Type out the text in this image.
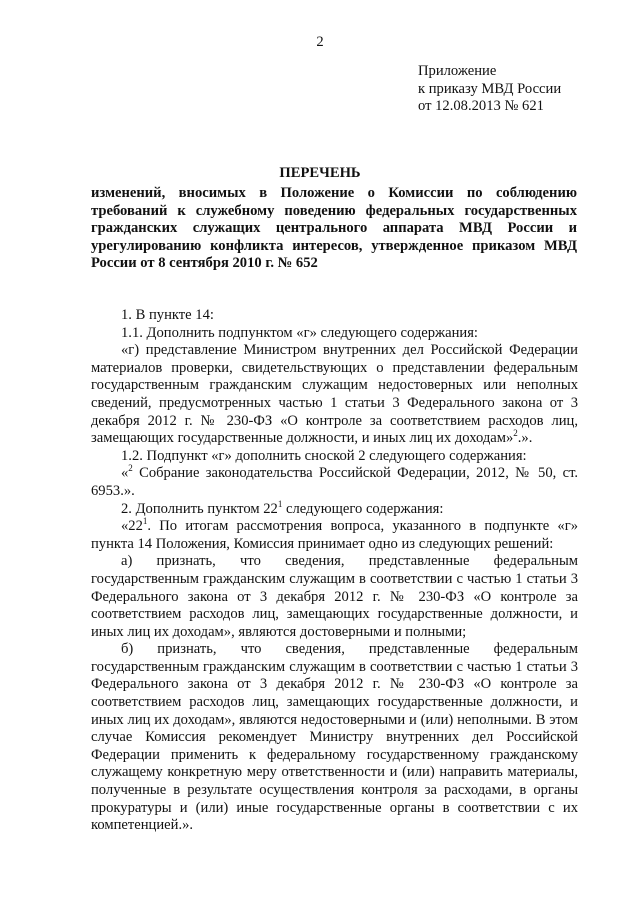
2
Приложение
к приказу МВД России
от 12.08.2013 № 621
ПЕРЕЧЕНЬ
изменений, вносимых в Положение о Комиссии по соблюдению требований к служебному поведению федеральных государственных гражданских служащих центрального аппарата МВД России и урегулированию конфликта интересов, утвержденное приказом МВД России от 8 сентября 2010 г. № 652

1. В пункте 14:

1.1. Дополнить подпунктом «г» следующего содержания:

«г) представление Министром внутренних дел Российской Федерации материалов проверки, свидетельствующих о представлении федеральным государственным гражданским служащим недостоверных или неполных сведений, предусмотренных частью 1 статьи 3 Федерального закона от 3 декабря 2012 г. № 230-ФЗ «О контроле за соответствием расходов лиц, замещающих государственные должности, и иных лиц их доходам»$^2$.».

1.2. Подпункт «г» дополнить сноской 2 следующего содержания:

«$^2$ Собрание законодательства Российской Федерации, 2012, № 50, ст. 6953.».

2. Дополнить пунктом $22^1$ следующего содержания:

«$22^1$. По итогам рассмотрения вопроса, указанного в подпункте «г» пункта 14 Положения, Комиссия принимает одно из следующих решений:

а) признать, что сведения, представленные федеральным государственным гражданским служащим в соответствии с частью 1 статьи 3 Федерального закона от 3 декабря 2012 г. № 230-ФЗ «О контроле за соответствием расходов лиц, замещающих государственные должности, и иных лиц их доходам», являются достоверными и полными;

б) признать, что сведения, представленные федеральным государственным гражданским служащим в соответствии с частью 1 статьи 3 Федерального закона от 3 декабря 2012 г. № 230-ФЗ «О контроле за соответствием расходов лиц, замещающих государственные должности, и иных лиц их доходам», являются недостоверными и (или) неполными. В этом случае Комиссия рекомендует Министру внутренних дел Российской Федерации применить к федеральному государственному гражданскому служащему конкретную меру ответственности и (или) направить материалы, полученные в результате осуществления контроля за расходами, в органы прокуратуры и (или) иные государственные органы в соответствии с их компетенцией.».
